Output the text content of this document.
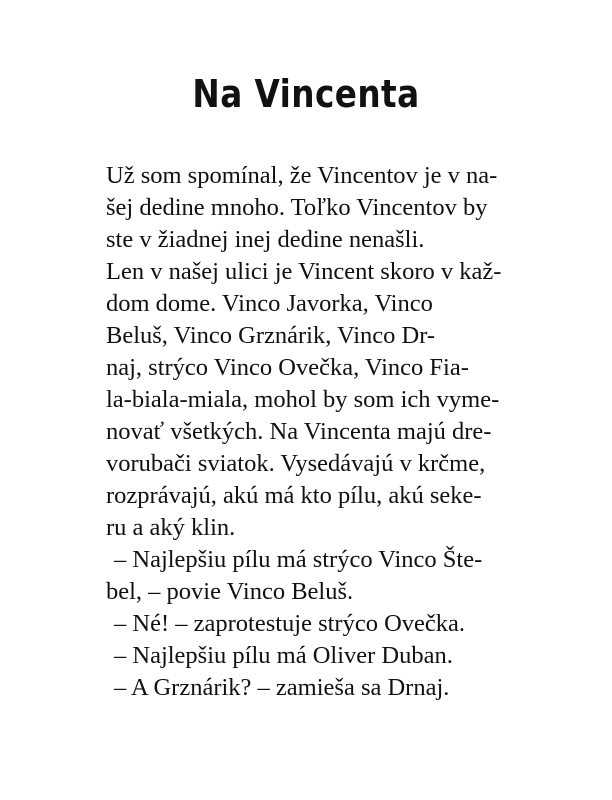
Na Vincenta
Už som spomínal, že Vincentov je v na-
šej dedine mnoho. Toľko Vincentov by
ste v žiadnej inej dedine nenašli.
Len v našej ulici je Vincent skoro v kaž-
dom dome. Vinco Javorka, Vinco
Beluš, Vinco Grznárik, Vinco Dr-
naj, strýco Vinco Ovečka, Vinco Fia-
la-biala-miala, mohol by som ich vyme-
novať všetkých. Na Vincenta majú dre-
vorubači sviatok. Vysedávajú v krčme,
rozprávajú, akú má kto pílu, akú seke-
ru a aký klin.
– Najlepšiu pílu má strýco Vinco Šte-
bel, – povie Vinco Beluš.
– Né! – zaprotestuje strýco Ovečka.
– Najlepšiu pílu má Oliver Duban.
– A Grznárik? – zamieša sa Drnaj.
